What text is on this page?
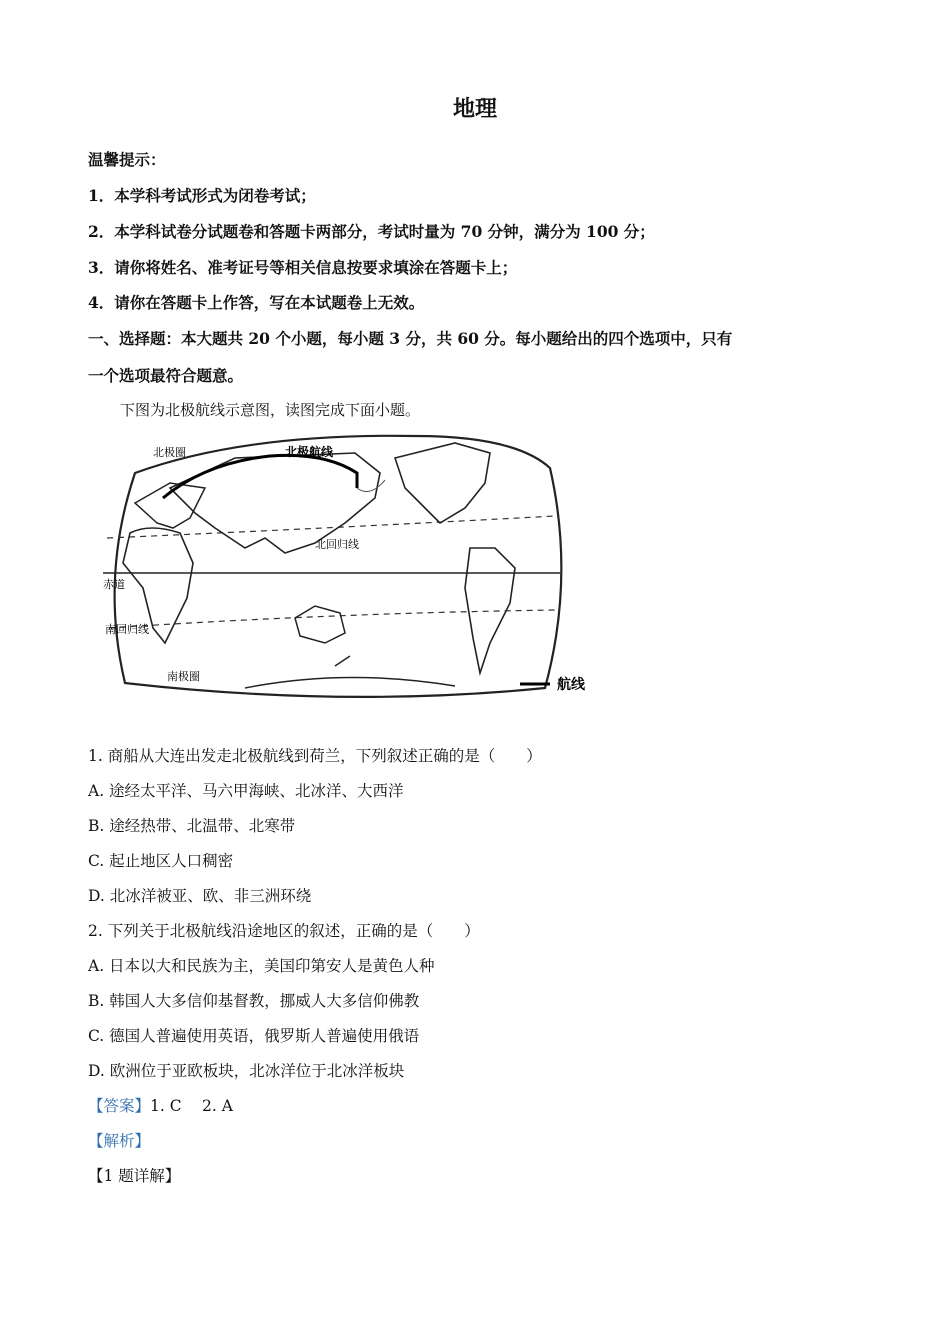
地理
温馨提示：
1．本学科考试形式为闭卷考试；
2．本学科试卷分试题卷和答题卡两部分，考试时量为 70 分钟，满分为 100 分；
3．请你将姓名、准考证号等相关信息按要求填涂在答题卡上；
4．请你在答题卡上作答，写在本试题卷上无效。
一、选择题：本大题共 20 个小题，每小题 3 分，共 60 分。每小题给出的四个选项中，只有
一个选项最符合题意。
下图为北极航线示意图，读图完成下面小题。
北极圈	北极航线
北回归线
赤道
南回归线
南极圈
航线
1. 商船从大连出发走北极航线到荷兰，下列叙述正确的是（　　）
A. 途经太平洋、马六甲海峡、北冰洋、大西洋
B. 途经热带、北温带、北寒带
C. 起止地区人口稠密
D. 北冰洋被亚、欧、非三洲环绕
2. 下列关于北极航线沿途地区的叙述，正确的是（　　）
A. 日本以大和民族为主，美国印第安人是黄色人种
B. 韩国人大多信仰基督教，挪威人大多信仰佛教
C. 德国人普遍使用英语，俄罗斯人普遍使用俄语
D. 欧洲位于亚欧板块，北冰洋位于北冰洋板块
【答案】1. C　 2. A
【解析】
【1 题详解】
